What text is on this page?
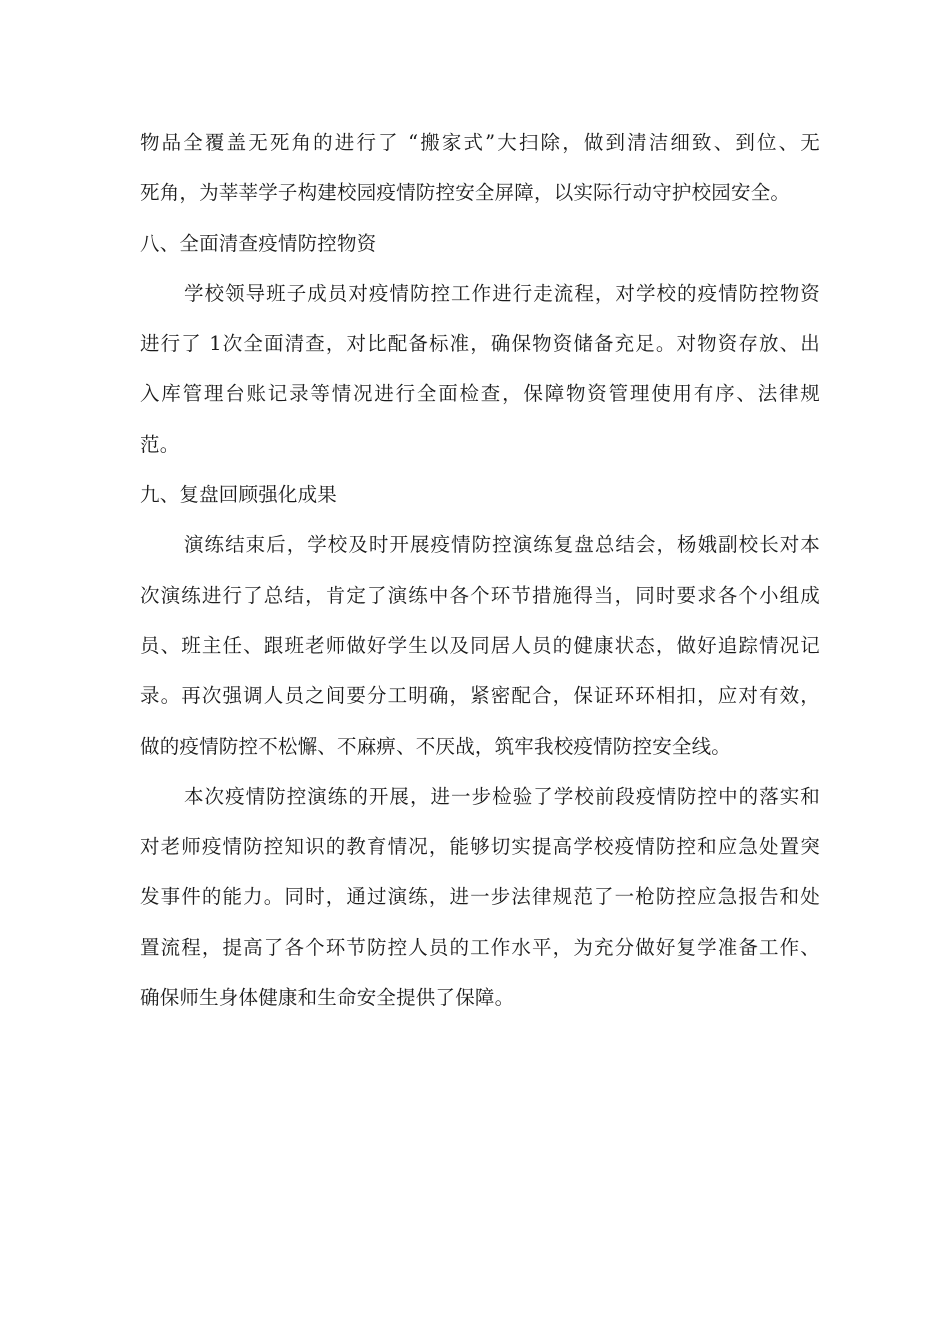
物品全覆盖无死角的进行了 “搬家式”大扫除，做到清洁细致、到位、无
死角，为莘莘学子构建校园疫情防控安全屏障，以实际行动守护校园安全。
八、全面清查疫情防控物资
学校领导班子成员对疫情防控工作进行走流程，对学校的疫情防控物资
进行了 1次全面清查，对比配备标准，确保物资储备充足。对物资存放、出
入库管理台账记录等情况进行全面检查，保障物资管理使用有序、法律规
范。
九、复盘回顾强化成果
演练结束后，学校及时开展疫情防控演练复盘总结会，杨娥副校长对本
次演练进行了总结，肯定了演练中各个环节措施得当，同时要求各个小组成
员、班主任、跟班老师做好学生以及同居人员的健康状态，做好追踪情况记
录。再次强调人员之间要分工明确，紧密配合，保证环环相扣，应对有效，
做的疫情防控不松懈、不麻痹、不厌战，筑牢我校疫情防控安全线。
本次疫情防控演练的开展，进一步检验了学校前段疫情防控中的落实和
对老师疫情防控知识的教育情况，能够切实提高学校疫情防控和应急处置突
发事件的能力。同时，通过演练，进一步法律规范了一枪防控应急报告和处
置流程，提高了各个环节防控人员的工作水平，为充分做好复学准备工作、
确保师生身体健康和生命安全提供了保障。
